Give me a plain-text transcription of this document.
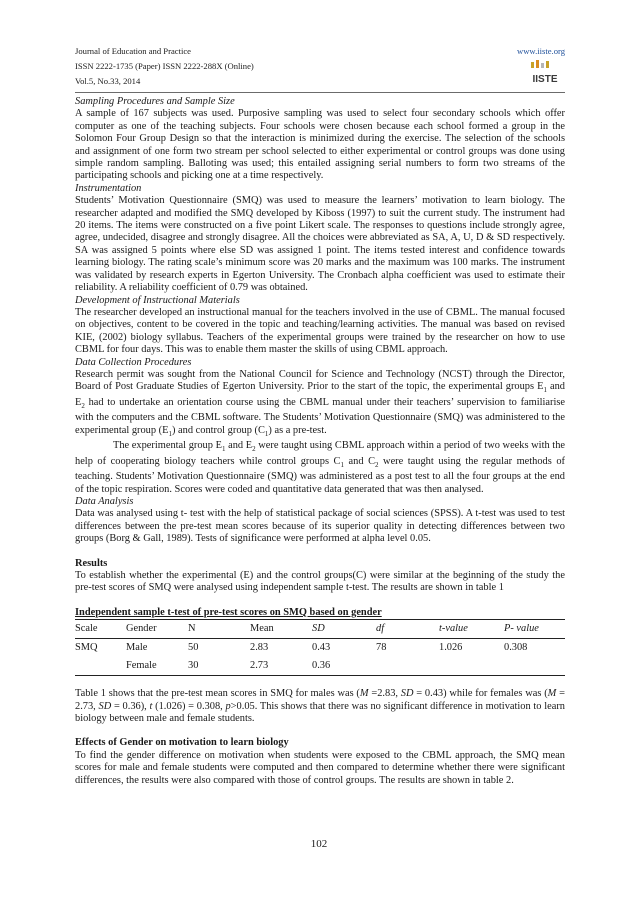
Journal of Education and Practice
ISSN 2222-1735 (Paper) ISSN 2222-288X (Online)
Vol.5, No.33, 2014
www.iiste.org
IISTE

Sampling Procedures and Sample Size

A sample of 167 subjects was used. Purposive sampling was used to select four secondary schools which offer computer as one of the teaching subjects. Four schools were chosen because each school formed a group in the Solomon Four Group Design so that the interaction is minimized during the exercise. The selection of the schools and assignment of one form two stream per school selected to either experimental or control groups was done using simple random sampling. Balloting was used; this entailed assigning serial numbers to form two streams of the participating schools and picking one at a time respectively.

Instrumentation

Students’ Motivation Questionnaire (SMQ) was used to measure the learners’ motivation to learn biology. The researcher adapted and modified the SMQ developed by Kiboss (1997) to suit the current study. The instrument had 20 items. The items were constructed on a five point Likert scale. The responses to questions include strongly agree, agree, undecided, disagree and strongly disagree. All the choices were abbreviated as SA, A, U, D & SD respectively. SA was assigned 5 points where else SD was assigned 1 point. The items tested interest and confidence towards learning biology. The rating scale’s minimum score was 20 marks and the maximum was 100 marks. The instrument was validated by research experts in Egerton University. The Cronbach alpha coefficient was used to estimate their reliability. A reliability coefficient of 0.79 was obtained.

Development of Instructional Materials

The researcher developed an instructional manual for the teachers involved in the use of CBML. The manual focused on objectives, content to be covered in the topic and teaching/learning activities. The manual was based on revised KIE, (2002) biology syllabus. Teachers of the experimental groups were trained by the researcher on how to use CBML for four days. This was to enable them master the skills of using CBML approach.

Data Collection Procedures

Research permit was sought from the National Council for Science and Technology (NCST) through the Director, Board of Post Graduate Studies of Egerton University. Prior to the start of the topic, the experimental groups $E_1$ and $E_2$ had to undertake an orientation course using the CBML manual under their teachers’ supervision to familiarise with the computers and the CBML software. The Students’ Motivation Questionnaire (SMQ) was administered to the experimental group $(E_1)$ and control group $(C_1)$ as a pre-test.

The experimental group $E_1$ and $E_2$ were taught using CBML approach within a period of two weeks with the help of cooperating biology teachers while control groups $C_1$ and $C_2$ were taught using the regular methods of teaching. Students’ Motivation Questionnaire (SMQ) was administered as a post test to all the four groups at the end of the topic respiration. Scores were coded and quantitative data generated that was then analysed.

Data Analysis

Data was analysed using t- test with the help of statistical package of social sciences (SPSS). A t-test was used to test differences between the pre-test mean scores because of its superior quality in detecting differences between two groups (Borg & Gall, 1989). Tests of significance were performed at alpha level 0.05.

Results

To establish whether the experimental (E) and the control groups(C) were similar at the beginning of the study the pre-test scores of SMQ were analysed using independent sample t-test. The results are shown in table 1

Independent sample t-test of pre-test scores on SMQ based on gender

Scale	Gender	N	Mean	SD	df	t-value	P- value
SMQ	Male	50	2.83	0.43	78	1.026	0.308
	Female	30	2.73	0.36			

Table 1 shows that the pre-test mean scores in SMQ for males was (M =2.83, SD = 0.43) while for females was (M = 2.73, SD = 0.36), t (1.026) = 0.308, p>0.05. This shows that there was no significant difference in motivation to learn biology between male and female students.

Effects of Gender on motivation to learn biology

To find the gender difference on motivation when students were exposed to the CBML approach, the SMQ mean scores for male and female students were computed and then compared to determine whether there were significant differences, the results were also compared with those of control groups. The results are shown in table 2.

102
